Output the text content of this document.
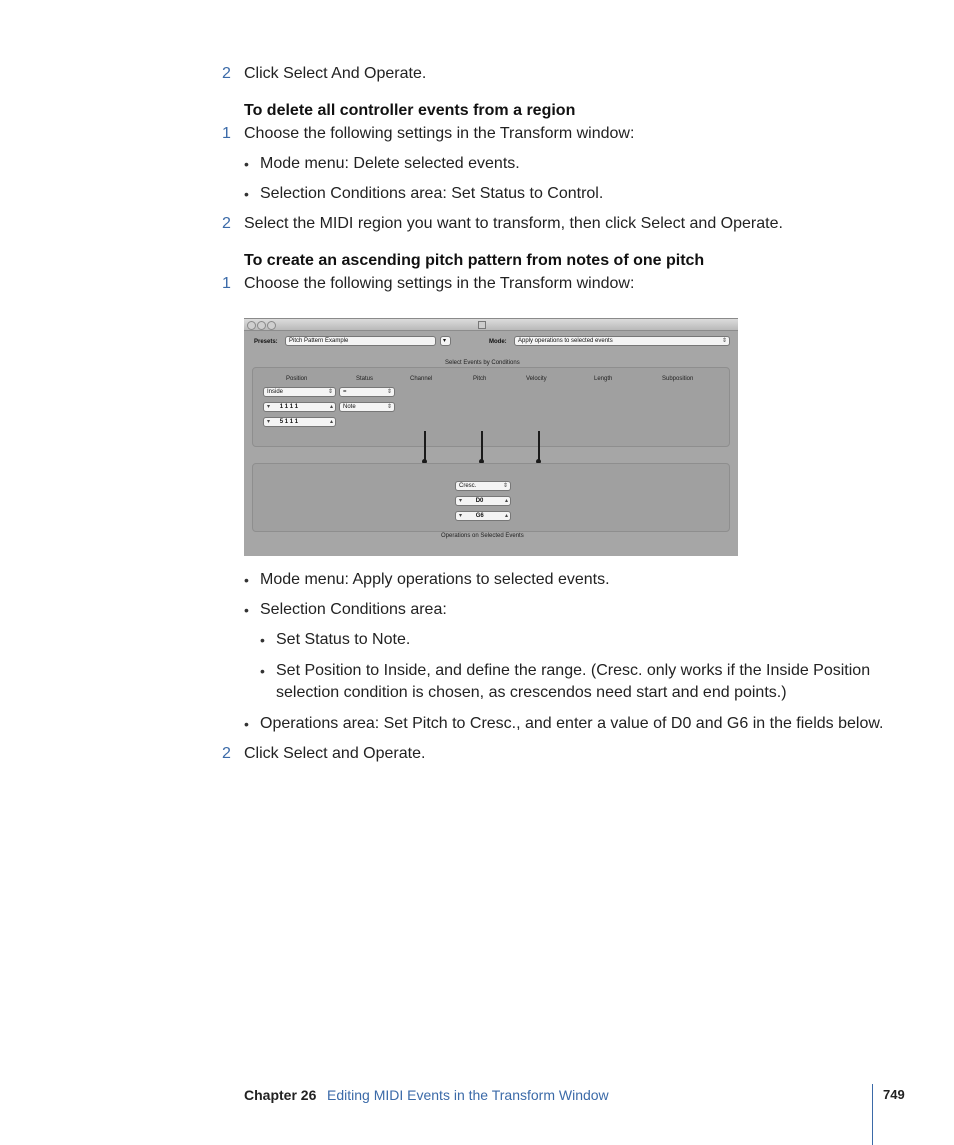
2 Click Select And Operate.
To delete all controller events from a region
1 Choose the following settings in the Transform window:
• Mode menu: Delete selected events.
• Selection Conditions area: Set Status to Control.
2 Select the MIDI region you want to transform, then click Select and Operate.
To create an ascending pitch pattern from notes of one pitch
1 Choose the following settings in the Transform window:
Presets:	Pitch Pattern Example	▾	Mode:	Apply operations to selected events	⇕
Select Events by Conditions
Position	Status	Channel	Pitch	Velocity	Length	Subposition
Inside	⇕	=	⇕
▾ 1 1 1 1	▴	Note	⇕
▾ 5 1 1 1	▴
Cresc.	⇕
▾ D0	▴
▾ G6	▴
Operations on Selected Events
• Mode menu: Apply operations to selected events.
• Selection Conditions area:
• Set Status to Note.
• Set Position to Inside, and define the range. (Cresc. only works if the Inside Position
selection condition is chosen, as crescendos need start and end points.)
• Operations area: Set Pitch to Cresc., and enter a value of D0 and G6 in the fields below.
2 Click Select and Operate.
Chapter 26 Editing MIDI Events in the Transform Window	749
